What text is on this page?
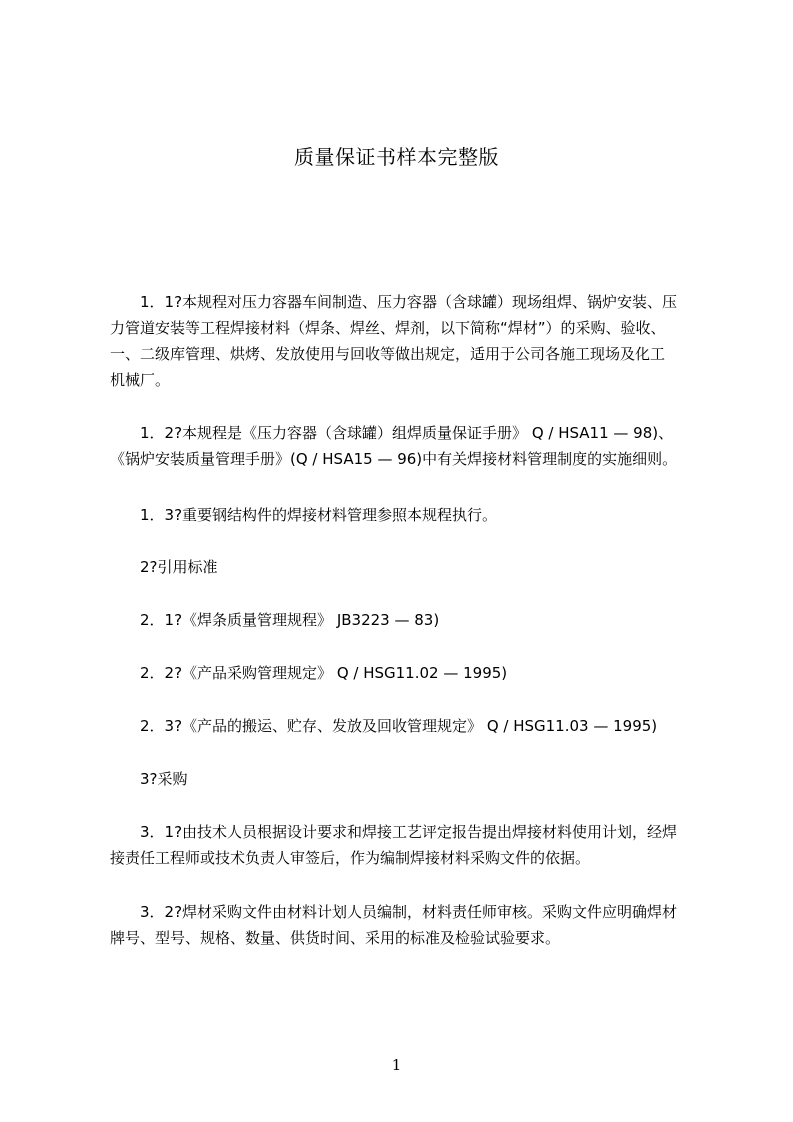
质量保证书样本完整版
　　1．1?本规程对压力容器车间制造、压力容器（含球罐）现场组焊、锅炉安装、压
力管道安装等工程焊接材料（焊条、焊丝、焊剂，以下简称“焊材”）的采购、验收、
一、二级库管理、烘烤、发放使用与回收等做出规定，适用于公司各施工现场及化工
机械厂。
　　1．2?本规程是《压力容器（含球罐）组焊质量保证手册》 Q / HSA11 — 98)、
《锅炉安装质量管理手册》(Q / HSA15 — 96)中有关焊接材料管理制度的实施细则。
　　1．3?重要钢结构件的焊接材料管理参照本规程执行。
　　2?引用标准
　　2．1?《焊条质量管理规程》 JB3223 — 83)
　　2．2?《产品采购管理规定》 Q / HSG11.02 — 1995)
　　2．3?《产品的搬运、贮存、发放及回收管理规定》 Q / HSG11.03 — 1995)
　　3?采购
　　3．1?由技术人员根据设计要求和焊接工艺评定报告提出焊接材料使用计划，经焊
接责任工程师或技术负责人审签后，作为编制焊接材料采购文件的依据。
　　3．2?焊材采购文件由材料计划人员编制，材料责任师审核。采购文件应明确焊材
牌号、型号、规格、数量、供货时间、采用的标准及检验试验要求。
1
